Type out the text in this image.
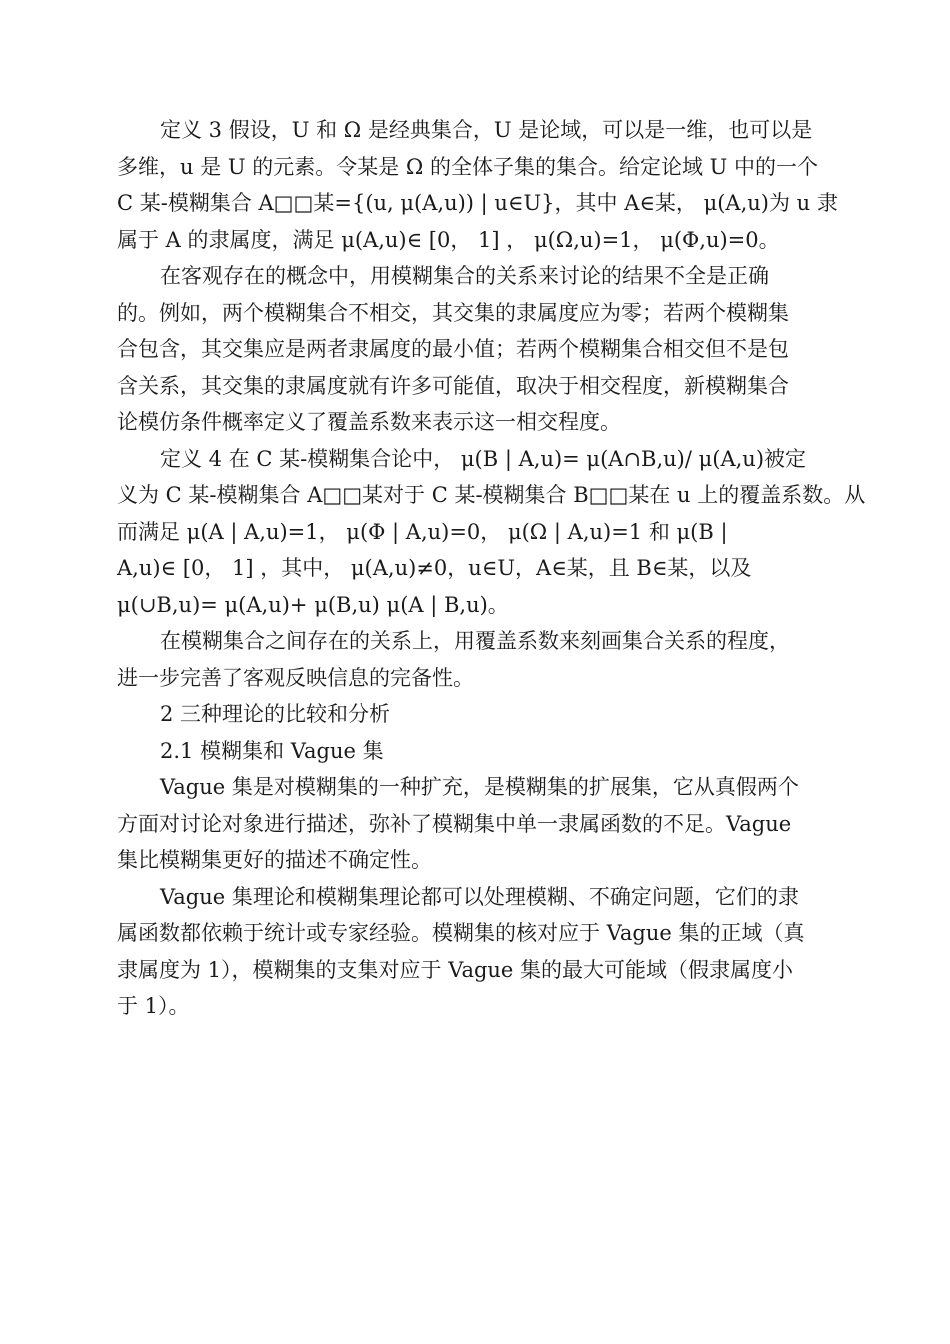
定义 3 假设，U 和 Ω 是经典集合，U 是论域，可以是一维，也可以是
多维，u 是 U 的元素。令某是 Ω 的全体子集的集合。给定论域 U 中的一个
C 某-模糊集合 A□□某={(u, μ(A,u)) | u∈U}，其中 A∈某， μ(A,u)为 u 隶
属于 A 的隶属度，满足 μ(A,u)∈ [0， 1] ， μ(Ω,u)=1， μ(Φ,u)=0。
在客观存在的概念中，用模糊集合的关系来讨论的结果不全是正确
的。例如，两个模糊集合不相交，其交集的隶属度应为零；若两个模糊集
合包含，其交集应是两者隶属度的最小值；若两个模糊集合相交但不是包
含关系，其交集的隶属度就有许多可能值，取决于相交程度，新模糊集合
论模仿条件概率定义了覆盖系数来表示这一相交程度。
定义 4 在 C 某-模糊集合论中， μ(B | A,u)= μ(A∩B,u)/ μ(A,u)被定
义为 C 某-模糊集合 A□□某对于 C 某-模糊集合 B□□某在 u 上的覆盖系数。从
而满足 μ(A | A,u)=1， μ(Φ | A,u)=0， μ(Ω | A,u)=1 和 μ(B |
A,u)∈ [0， 1] ，其中， μ(A,u)≠0，u∈U，A∈某，且 B∈某，以及
μ(∪B,u)= μ(A,u)+ μ(B,u) μ(A | B,u)。
在模糊集合之间存在的关系上，用覆盖系数来刻画集合关系的程度，
进一步完善了客观反映信息的完备性。
2 三种理论的比较和分析
2.1 模糊集和 Vague 集
Vague 集是对模糊集的一种扩充，是模糊集的扩展集，它从真假两个
方面对讨论对象进行描述，弥补了模糊集中单一隶属函数的不足。Vague
集比模糊集更好的描述不确定性。
Vague 集理论和模糊集理论都可以处理模糊、不确定问题，它们的隶
属函数都依赖于统计或专家经验。模糊集的核对应于 Vague 集的正域（真
隶属度为 1），模糊集的支集对应于 Vague 集的最大可能域（假隶属度小
于 1）。
